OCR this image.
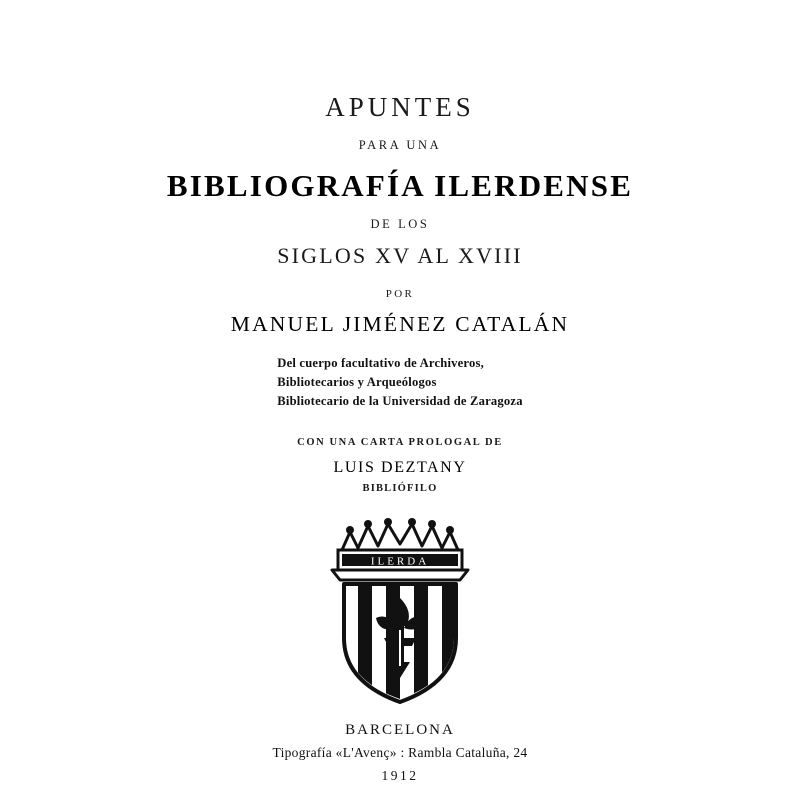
APUNTES
PARA UNA
BIBLIOGRAFÍA ILERDENSE
DE LOS
SIGLOS XV AL XVIII
POR
MANUEL JIMÉNEZ CATALÁN
Del cuerpo facultativo de Archiveros,
Bibliotecarios y Arqueólogos
Bibliotecario de la Universidad de Zaragoza
CON UNA CARTA PROLOGAL DE
LUIS DEZTANY
BIBLIÓFILO
ILERDA
BARCELONA
Tipografía «L'Avenç» : Rambla Cataluña, 24
1912
